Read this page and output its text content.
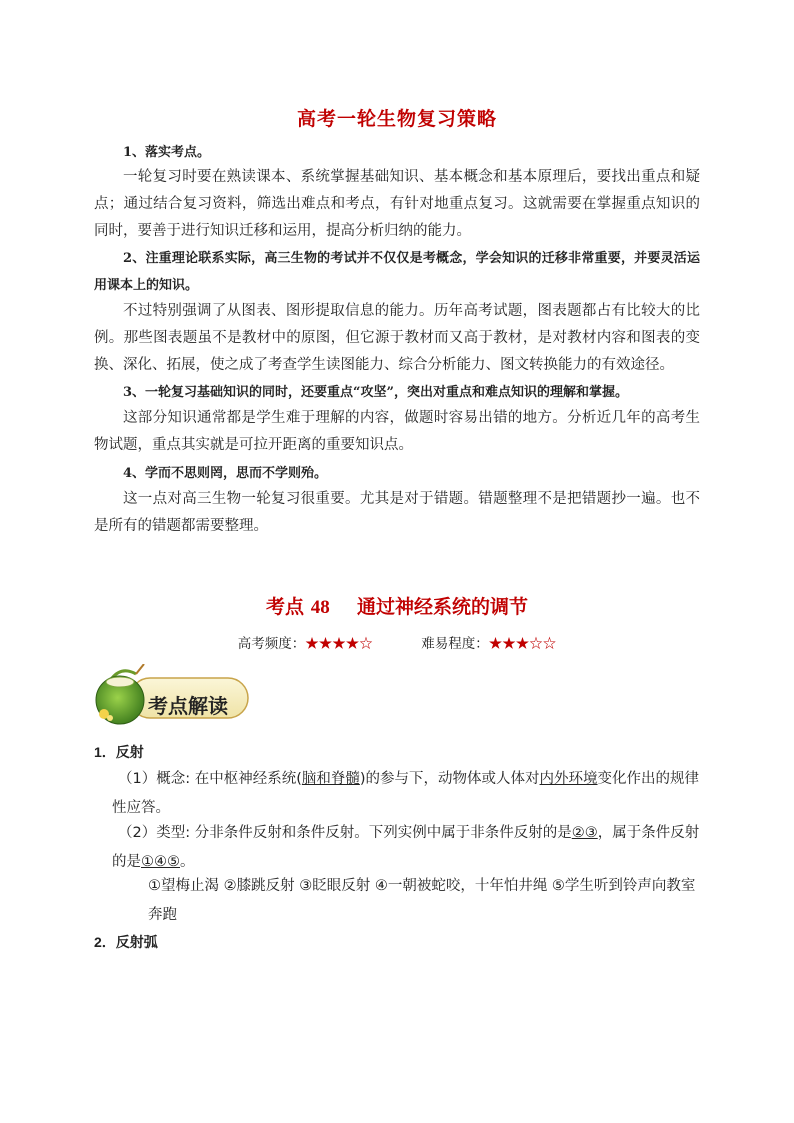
高考一轮生物复习策略

1、落实考点。

一轮复习时要在熟读课本、系统掌握基础知识、基本概念和基本原理后，要找出重点和疑点；通过结合复习资料，筛选出难点和考点，有针对地重点复习。这就需要在掌握重点知识的同时，要善于进行知识迁移和运用，提高分析归纳的能力。

2、注重理论联系实际，高三生物的考试并不仅仅是考概念，学会知识的迁移非常重要，并要灵活运用课本上的知识。

不过特别强调了从图表、图形提取信息的能力。历年高考试题，图表题都占有比较大的比例。那些图表题虽不是教材中的原图，但它源于教材而又高于教材，是对教材内容和图表的变换、深化、拓展，使之成了考查学生读图能力、综合分析能力、图文转换能力的有效途径。

3、一轮复习基础知识的同时，还要重点“攻坚”，突出对重点和难点知识的理解和掌握。

这部分知识通常都是学生难于理解的内容，做题时容易出错的地方。分析近几年的高考生物试题，重点其实就是可拉开距离的重要知识点。

4、学而不思则罔，思而不学则殆。

这一点对高三生物一轮复习很重要。尤其是对于错题。错题整理不是把错题抄一遍。也不是所有的错题都需要整理。

考点 48 通过神经系统的调节
高考频度：★★★★☆	难易程度：★★★☆☆
考点解读
1．反射

（1）概念: 在中枢神经系统(脑和脊髓)的参与下，动物体或人体对内外环境变化作出的规律性应答。

（2）类型: 分非条件反射和条件反射。下列实例中属于非条件反射的是②③，属于条件反射的是①④⑤。

①望梅止渴 ②膝跳反射 ③眨眼反射 ④一朝被蛇咬，十年怕井绳 ⑤学生听到铃声向教室奔跑

2．反射弧
